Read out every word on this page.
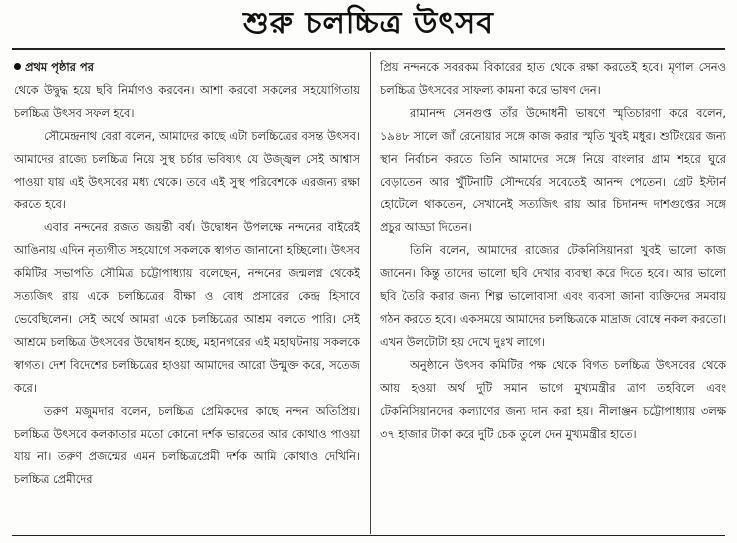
শুরু চলচ্চিত্র উৎসব

প্রথম পৃষ্ঠার পর

থেকে উদ্বুদ্ধ হয়ে ছবি নির্মাণও করবেন। আশা করবো সকলের সহযোগিতায় চলচ্চিত্র উৎসব সফল হবে।

সৌমেন্দ্রনাথ বেরা বলেন, আমাদের কাছে এটা চলচ্চিত্রের বসন্ত উৎসব। আমাদের রাজ্যে চলচ্চিত্র নিয়ে সুস্থ চর্চার ভবিষ্যৎ যে উজ্জ্বল সেই আশ্বাস পাওয়া যায় এই উৎসবের মধ্য থেকে। তবে এই সুস্থ পরিবেশকে এরজন্য রক্ষা করতে হবে।

এবার নন্দনের রজত জয়ন্তী বর্ষ। উদ্বোধন উপলক্ষে নন্দনের বাইরেই আঙিনায় এদিন নৃত্যগীত সহযোগে সকলকে স্বাগত জানানো হচ্ছিলো। উৎসব কমিটির সভাপতি সৌমিত্র চট্টোপাধ্যায় বলেছেন, নন্দনের জন্মলগ্ন থেকেই সত্যজিৎ রায় একে চলচ্চিত্রের বীক্ষা ও বোধ প্রসারের কেন্দ্র হিসাবে ভেবেছিলেন। সেই অর্থে আমরা একে চলচ্চিত্রের আশ্রম বলতে পারি। সেই আশ্রমে চলচ্চিত্র উৎসবের উদ্বোধন হচ্ছে, মহানগরের এই মহাঘটনায় সকলকে স্বাগত। দেশ বিদেশের চলচ্চিত্রের হাওয়া আমাদের আরো উন্মুক্ত করে, সতেজ করে।

তরুণ মজুমদার বলেন, চলচ্চিত্র প্রেমিকদের কাছে নন্দন অতিপ্রিয়। চলচ্চিত্র উৎসবে কলকাতার মতো কোনো দর্শক ভারতের আর কোথাও পাওয়া যায় না। তরুণ প্রজন্মের এমন চলচ্চিত্রপ্রেমী দর্শক আমি কোথাও দেখিনি। চলচ্চিত্র প্রেমীদের

প্রিয় নন্দনকে সবরকম বিকারের হাত থেকে রক্ষা করতেই হবে। মৃণাল সেনও চলচ্চিত্র উৎসবের সাফল্য কামনা করে ভাষণ দেন।

রামানন্দ সেনগুপ্ত তাঁর উদ্দোধনী ভাষণে স্মৃতিচারণা করে বলেন, ১৯৪৮ সালে জাঁ রেনোয়ার সঙ্গে কাজ করার স্মৃতি খুবই মধুর। শুটিংয়ের জন্য স্থান নির্বাচন করতে তিনি আমাদের সঙ্গে নিয়ে বাংলার গ্রাম শহরে ঘুরে বেড়াতেন আর খুঁটিনাটি সৌন্দর্যের সবেতেই আনন্দ পেতেন। গ্রেট ইস্টার্ন হোটেলে থাকতেন, সেখানেই সত্যজিৎ রায় আর চিদানন্দ দাশগুপ্তের সঙ্গে প্রচুর আড্ডা দিতেন।

তিনি বলেন, আমাদের রাজ্যের টেকনিসিয়ানরা খুবই ভালো কাজ জানেন। কিন্তু তাদের ভালো ছবি দেখার ব্যবস্থা করে দিতে হবে। আর ভালো ছবি তৈরি করার জন্য শিল্প ভালোবাসা এবং ব্যবসা জানা ব্যক্তিদের সমবায় গঠন করতে হবে। একসময়ে আমাদের চলচ্চিত্রকে মাদ্রাজ বোম্বে নকল করতো। এখন উলটোটা হয় দেখে দুঃখ লাগে।

অনুষ্ঠানে উৎসব কমিটির পক্ষ থেকে বিগত চলচ্চিত্র উৎসবের থেকে আয় হওয়া অর্থ দুটি সমান ভাগে মুখ্যমন্ত্রীর ত্রাণ তহবিলে এবং টেকনিসিয়ানদের কল্যাণের জন্য দান করা হয়। নীলাঞ্জন চট্টোপাধ্যায় ৩লক্ষ ৩৭ হাজার টাকা করে দুটি চেক তুলে দেন মুখ্যমন্ত্রীর হাতে।
